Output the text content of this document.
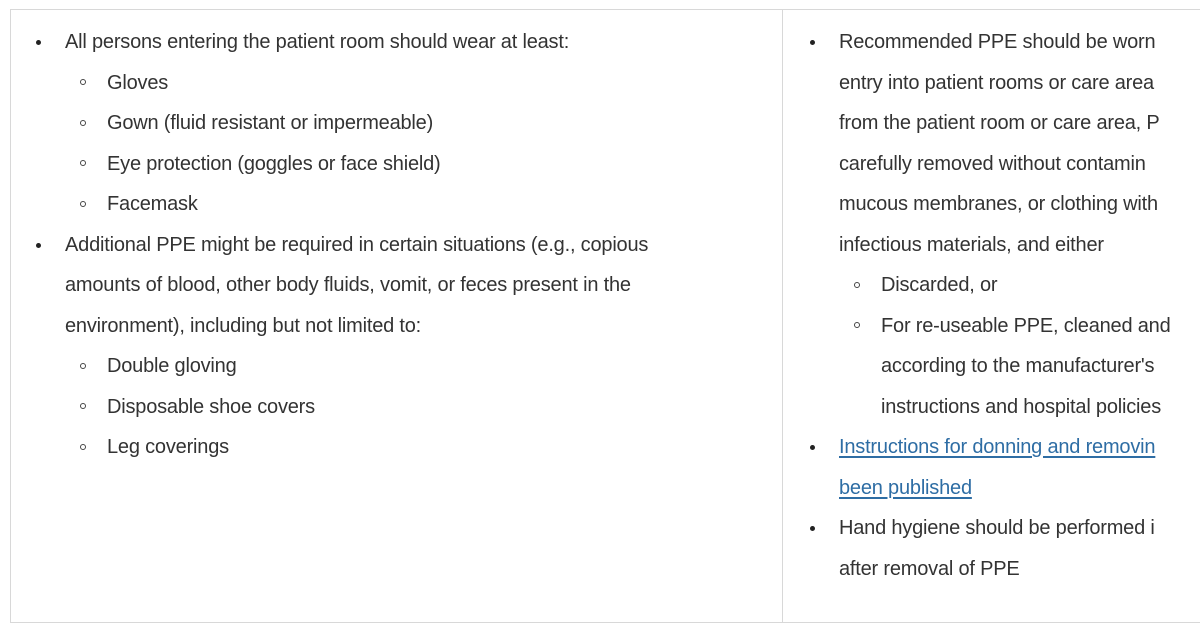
All persons entering the patient room should wear at least:
Gloves
Gown (fluid resistant or impermeable)
Eye protection (goggles or face shield)
Facemask
Additional PPE might be required in certain situations (e.g., copious
amounts of blood, other body fluids, vomit, or feces present in the
environment), including but not limited to:
Double gloving
Disposable shoe covers
Leg coverings
Recommended PPE should be worn
entry into patient rooms or care area
from the patient room or care area, P
carefully removed without contamin
mucous membranes, or clothing with
infectious materials, and either
Discarded, or
For re-useable PPE, cleaned and
according to the manufacturer's
instructions and hospital policies
Instructions for donning and removin
been published
Hand hygiene should be performed i
after removal of PPE
